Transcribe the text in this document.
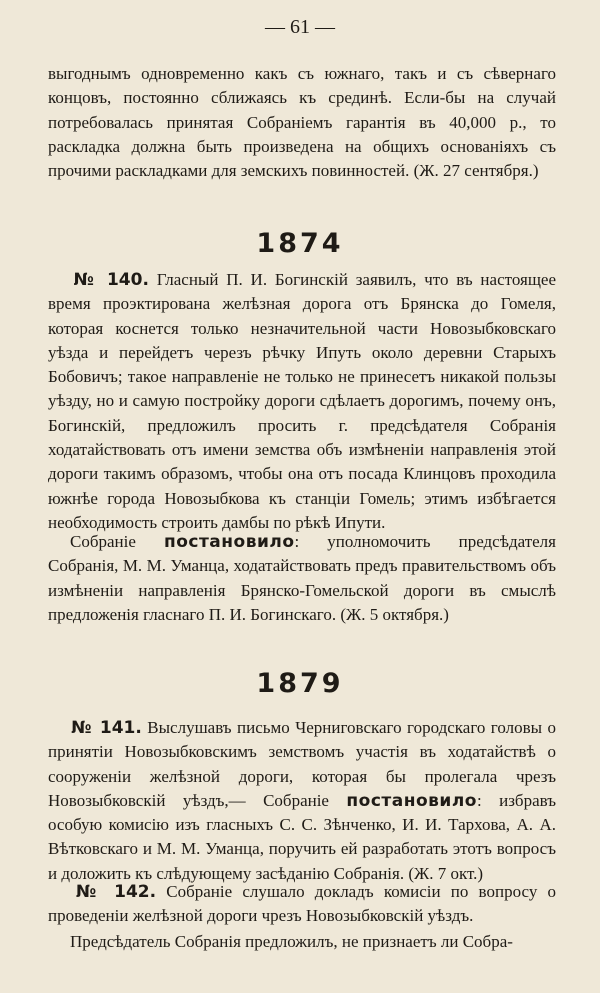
— 61 —
выгоднымъ одновременно какъ съ южнаго, такъ и съ сѣвернаго концовъ, постоянно сближаясь къ срединѣ. Если-бы на случай потребовалась принятая Собраніемъ гарантія въ 40,000 р., то раскладка должна быть произведена на общихъ основаніяхъ съ прочими раскладками для земскихъ повинностей. (Ж. 27 сентября.)
1874
№ 140. Гласный П. И. Богинскій заявилъ, что въ настоящее время проэктирована желѣзная дорога отъ Брянска до Гомеля, которая коснется только незначительной части Новозыбковскаго уѣзда и перейдетъ черезъ рѣчку Ипуть около деревни Старыхъ Бобовичъ; такое направленіе не только не принесетъ никакой пользы уѣзду, но и самую постройку дороги сдѣлаетъ дорогимъ, почему онъ, Богинскій, предложилъ просить г. предсѣдателя Собранія ходатайствовать отъ имени земства объ измѣненіи направленія этой дороги такимъ образомъ, чтобы она отъ посада Клинцовъ проходила южнѣе города Новозыбкова къ станціи Гомель; этимъ избѣгается необходимость строить дамбы по рѣкѣ Ипути.
Собраніе постановило: уполномочить предсѣдателя Собранія, М. М. Уманца, ходатайствовать предъ правительствомъ объ измѣненіи направленія Брянско-Гомельской дороги въ смыслѣ предложенія гласнаго П. И. Богинскаго. (Ж. 5 октября.)
1879
№ 141. Выслушавъ письмо Черниговскаго городскаго головы о принятіи Новозыбковскимъ земствомъ участія въ ходатайствѣ о сооруженіи желѣзной дороги, которая бы пролегала чрезъ Новозыбковскій уѣздъ,— Собраніе постановило: избравъ особую комисію изъ гласныхъ С. С. Зѣнченко, И. И. Тархова, А. А. Вѣтковскаго и М. М. Уманца, поручить ей разработать этотъ вопросъ и доложить къ слѣдующему засѣданію Собранія. (Ж. 7 окт.)
№ 142. Собраніе слушало докладъ комисіи по вопросу о проведеніи желѣзной дороги чрезъ Новозыбковскій уѣздъ.
Предсѣдатель Собранія предложилъ, не признаетъ ли Собра-
